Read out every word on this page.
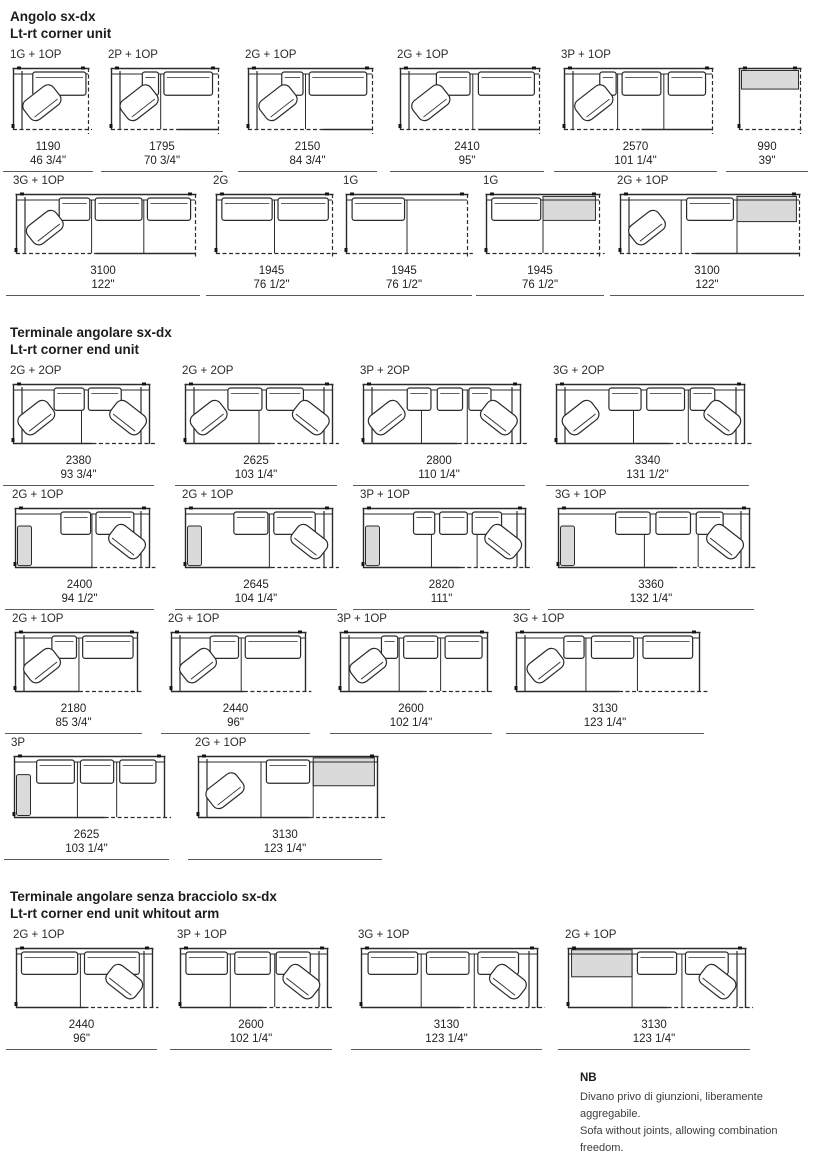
Angolo sx-dx
Lt-rt corner unit
1G + 1OP
1190
46 3/4"
2P + 1OP
1795
70 3/4"
2G + 1OP
2150
84 3/4"
2G + 1OP
2410
95"
3P + 1OP
2570
101 1/4"
990
39"
3G + 1OP
3100
122"
2G
1945
76 1/2"
1G
1945
76 1/2"
1G
1945
76 1/2"
2G + 1OP
3100
122"
Terminale angolare sx-dx
Lt-rt corner end unit
2G + 2OP
2380
93 3/4"
2G + 2OP
2625
103 1/4"
3P + 2OP
2800
110 1/4"
3G + 2OP
3340
131 1/2"
2G + 1OP
2400
94 1/2"
2G + 1OP
2645
104 1/4"
3P + 1OP
2820
111"
3G + 1OP
3360
132 1/4"
2G + 1OP
2180
85 3/4"
2G + 1OP
2440
96"
3P + 1OP
2600
102 1/4"
3G + 1OP
3130
123 1/4"
3P
2625
103 1/4"
2G + 1OP
3130
123 1/4"
Terminale angolare senza bracciolo sx-dx
Lt-rt corner end unit whitout arm
2G + 1OP
2440
96"
3P + 1OP
2600
102 1/4"
3G + 1OP
3130
123 1/4"
2G + 1OP
3130
123 1/4"
NB
Divano privo di giunzioni, liberamente aggregabile.
Sofa without joints, allowing combination freedom.
